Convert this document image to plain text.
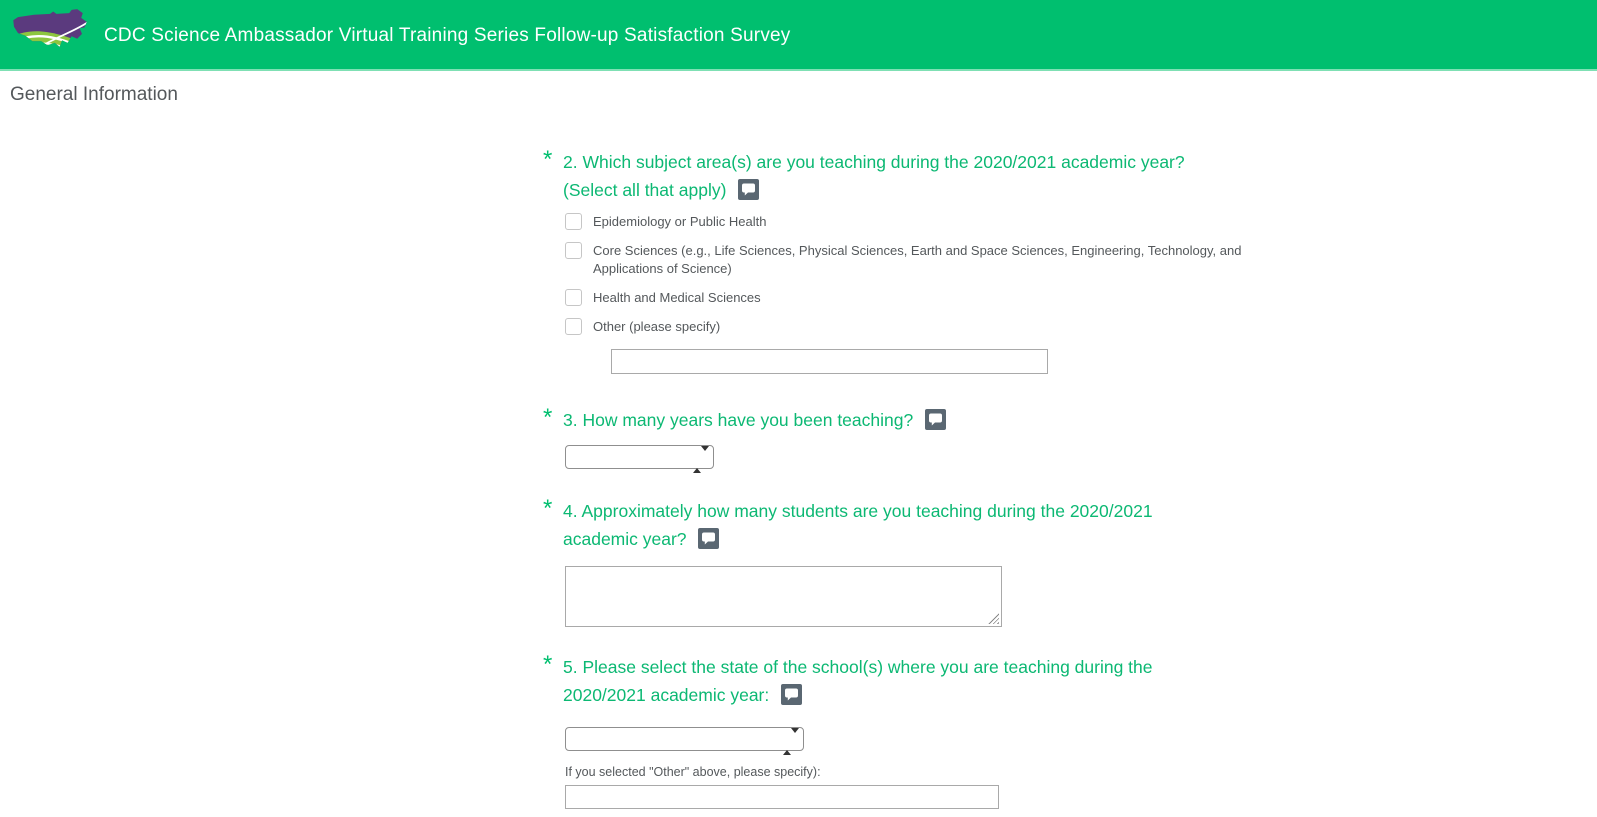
CDC Science Ambassador Virtual Training Series Follow-up Satisfaction Survey
General Information
* 2. Which subject area(s) are you teaching during the 2020/2021 academic year?
(Select all that apply)
Epidemiology or Public Health
Core Sciences (e.g., Life Sciences, Physical Sciences, Earth and Space Sciences, Engineering, Technology, and Applications of Science)
Health and Medical Sciences
Other (please specify)
* 3. How many years have you been teaching?
* 4. Approximately how many students are you teaching during the 2020/2021
academic year?
* 5. Please select the state of the school(s) where you are teaching during the
2020/2021 academic year:
If you selected "Other" above, please specify):
